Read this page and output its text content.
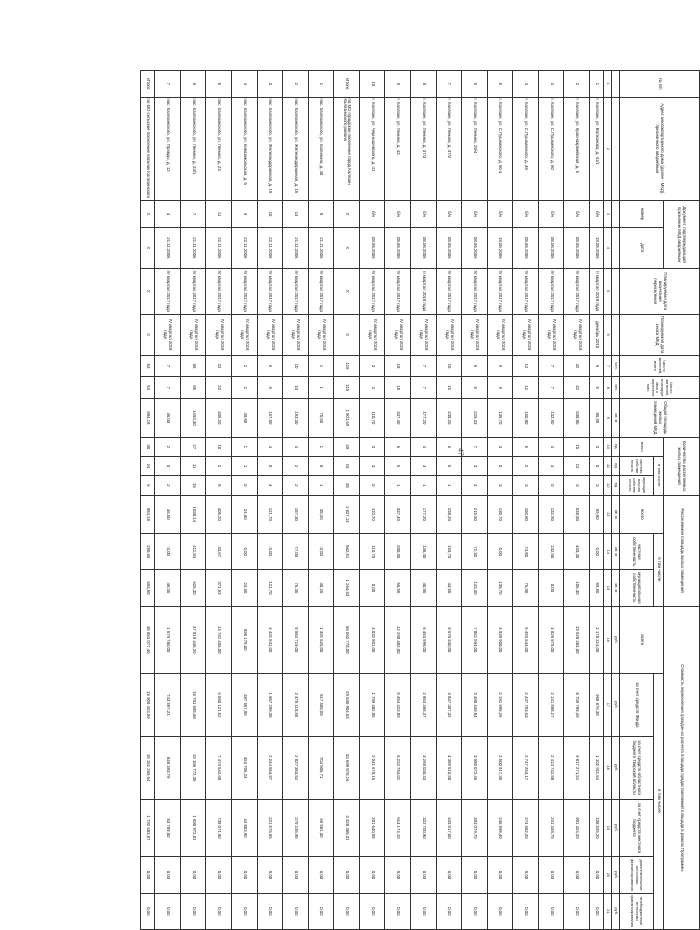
47
№ п/п	Адрес многоквартирного дома (далее - МКД), признанного аварийным	Документ, подтверждающий признание МКД аварийным		Планируемая дата окончания переселения	Планируемая дата сноса МКД	Число жителей, всего	Число жителей, планируемых к переселению	Общая площадь жилых помещений МКД	Количество расселяемых жилых помещений			Расселяемая площадь жилых помещений			Стоимость переселения граждан из расчета площади предоставляемой площади в рамках Программы					
		номер	дата						всего	в том числе:		всего	в том числе:		всего	в том числе:				
										частная собственность	муниципальная собственность		частная собственность	муниципальная собственность		за счет средств Фонда	за счет средств областного бюджета Тверской области	за счет средств местного бюджета	дополнительные источники финансирования	внебюджетные источники финансирования
						чел.	чел.	кв. м	ед.	ед.	ед.	кв. м	кв. м	кв. м	руб.	руб.	руб.	руб.	руб.	руб.
1	2	3	4	5	6	7	8	9	10	11	12	13	14	15	16	17	18	19	20	21
1	г. Калязин, ул. Вагжанова, д. 31/1	б/н	18.05.2006	II квартал 2018 года	декабрь 2018	5	5	86,90	3	0	3	59,80	0,00	59,80	2 178 314,00	968 876,38	1 102 911,54	108 525,20	0,00	0,00
2	г. Калязин, ул. Красноармейская, д. 5	б/н	08.06.2006	IV квартал 2017 года	IV квартал 2018 года	42	42	538,80	15	12	3	538,80	433,40	105,40	19 628 484,00	8 709 789,49	9 817 271,51	901 424,20	0,00	0,00
3	г. Калязин, ул. С.Пушкинского, д. 50	б/н	08.06.2006	IV квартал 2017 года	IV квартал 2018 года	7	7	132,50	4	4	0	132,50	132,50	0,00	4 826 975,00	2 141 888,27	2 413 742,58	241 348,75	0,00	0,00
4	г. Калязин, ул. С.Пушкинского, д. 48	б/н	08.06.2006	IV квартал 2017 года	IV квартал 2018 года	12	12	150,80	5	2	3	150,80	74,80	76,00	5 493 644,00	2 437 703,63	2 747 253,17	274 682,20	0,00	0,00
5	г. Калязин, ул. С.Пушкинского, д. 50 а	б/н	18.05.2006	IV квартал 2017 года	IV квартал 2018 года	9	9	135,70	3	0	3	135,70	0,00	135,70	4 939 908,00	2 191 995,25	2 500 917,35	246 995,40	0,00	0,00
6	г. Калязин, ул. Ленина, 29/4	б/н	08.06.2006	IV квартал 2017 года	IV квартал 2018 года	5	5	229,33	7	3	4	215,50	72,30	143,30	7 861 594,00	3 488 449,84	3 980 072,46	393 079,70	0,00	0,00
7	г. Калязин, ул. Ленина, д. 37/2	б/н	08.06.2006	IV квартал 2017 года	IV квартал 2018 года	15	15	238,20	6	5	1	238,20	193,70	44,50	8 670 340,00	3 847 307,32	4 389 515,68	433 517,00	0,00	0,00
8	г. Калязин, ул. Ленина, д. 37/3	б/н	08.06.2006	II квартал 2018 года	IV квартал 2018 года	7	7	177,20	4	3	1	177,20	136,40	40,80	6 453 996,00	2 864 465,37	3 268 030,43	322 700,80	0,00	0,00
9	г. Калязин, ул. Ленина, д. 43	б/н	08.06.2006	IV квартал 2017 года	IV квартал 2018 года	18	18	337,40	6	5	1	337,40	280,90	56,50	12 290 482,00	5 454 423,89	6 222 784,01	614 174,10	0,00	0,00
10	г. Калязин, ул. Чернышевского, д. 41	б/н	08.06.2006	IV квартал 2017 года	IV квартал 2018 года	3	3	110,70	3	3	0	110,70	110,70	0,00	4 032 801,00	1 789 482,85	2 041 678,16	201 640,05	0,00	0,00
Итого	по МО городское поселение город Калязин Калязинского района	X	X	X	X	115	115	1 901,69	49	15	35	1 827,14	562,51	1 264,63	66 562 778,00	29 535 904,53	33 698 870,16	3 328 355,31	0,00	0,00
1	пос. Калязинского, ул. Калинина, д. 48	8	21.11.2006	IV квартал 2017 года	IV квартал 2018 года	1	1	70,50	1	0	1	38,20	0,00	38,20	1 391 626,00	617 508,09	704 505,71	69 581,30	0,00	0,00
2	пос. Калязинского, ул. Железнодорожная, д. 15	14	21.11.2006	IV квартал 2017 года	IV квартал 2018 года	10	10	193,30	4	2	2	157,30	77,00	76,30	5 584 719,00	2 478 118,55	2 827 364,52	279 235,95	0,00	0,00
3	пос. Калязинского, ул. Железнодорожная, д. 19	15	22.11.2006	IV квартал 2017 года	IV квартал 2018 года	6	6	167,50	4	0	4	121,70	0,00	121,70	4 431 531,00	1 967 299,38	2 244 654,87	221 576,55	0,00	0,00
4	пос. Калязинского, ул. Комсомольская, д. 6	9	22.11.2006	IV квартал 2017 года	IV квартал 2018 года	2	2	49,80	1	1	0	24,60	0,00	24,60	896 178,00	397 667,86	453 706,24	44 803,90	0,00	0,00
5	пос. Калязинского, ул. Ленина, д. 23	11	22.11.2006	IV квартал 2017 года	IV квартал 2018 года	22	22	405,20	10	2	8	405,20	33,67	371,53	14 761 436,00	6 550 121,52	7 473 542,68	738 071,80	0,00	0,00
6	пос. Калязинского, ул. Ленина, д. 23/1	7	21.11.2006	IV квартал 2017 года	IV квартал 2018 года	65	65	1493,30	27	11	16	1038,14	411,84	626,30	37 819 446,20	16 781 695,68	19 186 772,35	1 890 972,01	0,00	0,00
7	пос. Калязинского, ул. Правды, д. 12	4	21.11.2006	IV квартал 2017 года	IV квартал 2018 года	7	7	46,00	2	0	2	46,00	0,00	46,00	1 675 780,00	743 597,21	848 393,79	83 789,00	0,00	0,00
Итого	по МО сельское поселение поселок Калязинского	X	X	X	X	53	53	984,18	30	24	6	984,18	290,60	693,58	35 853 077,40	15 909 423,59	18 151 269,54	1 792 683,87	0,00	0,00
